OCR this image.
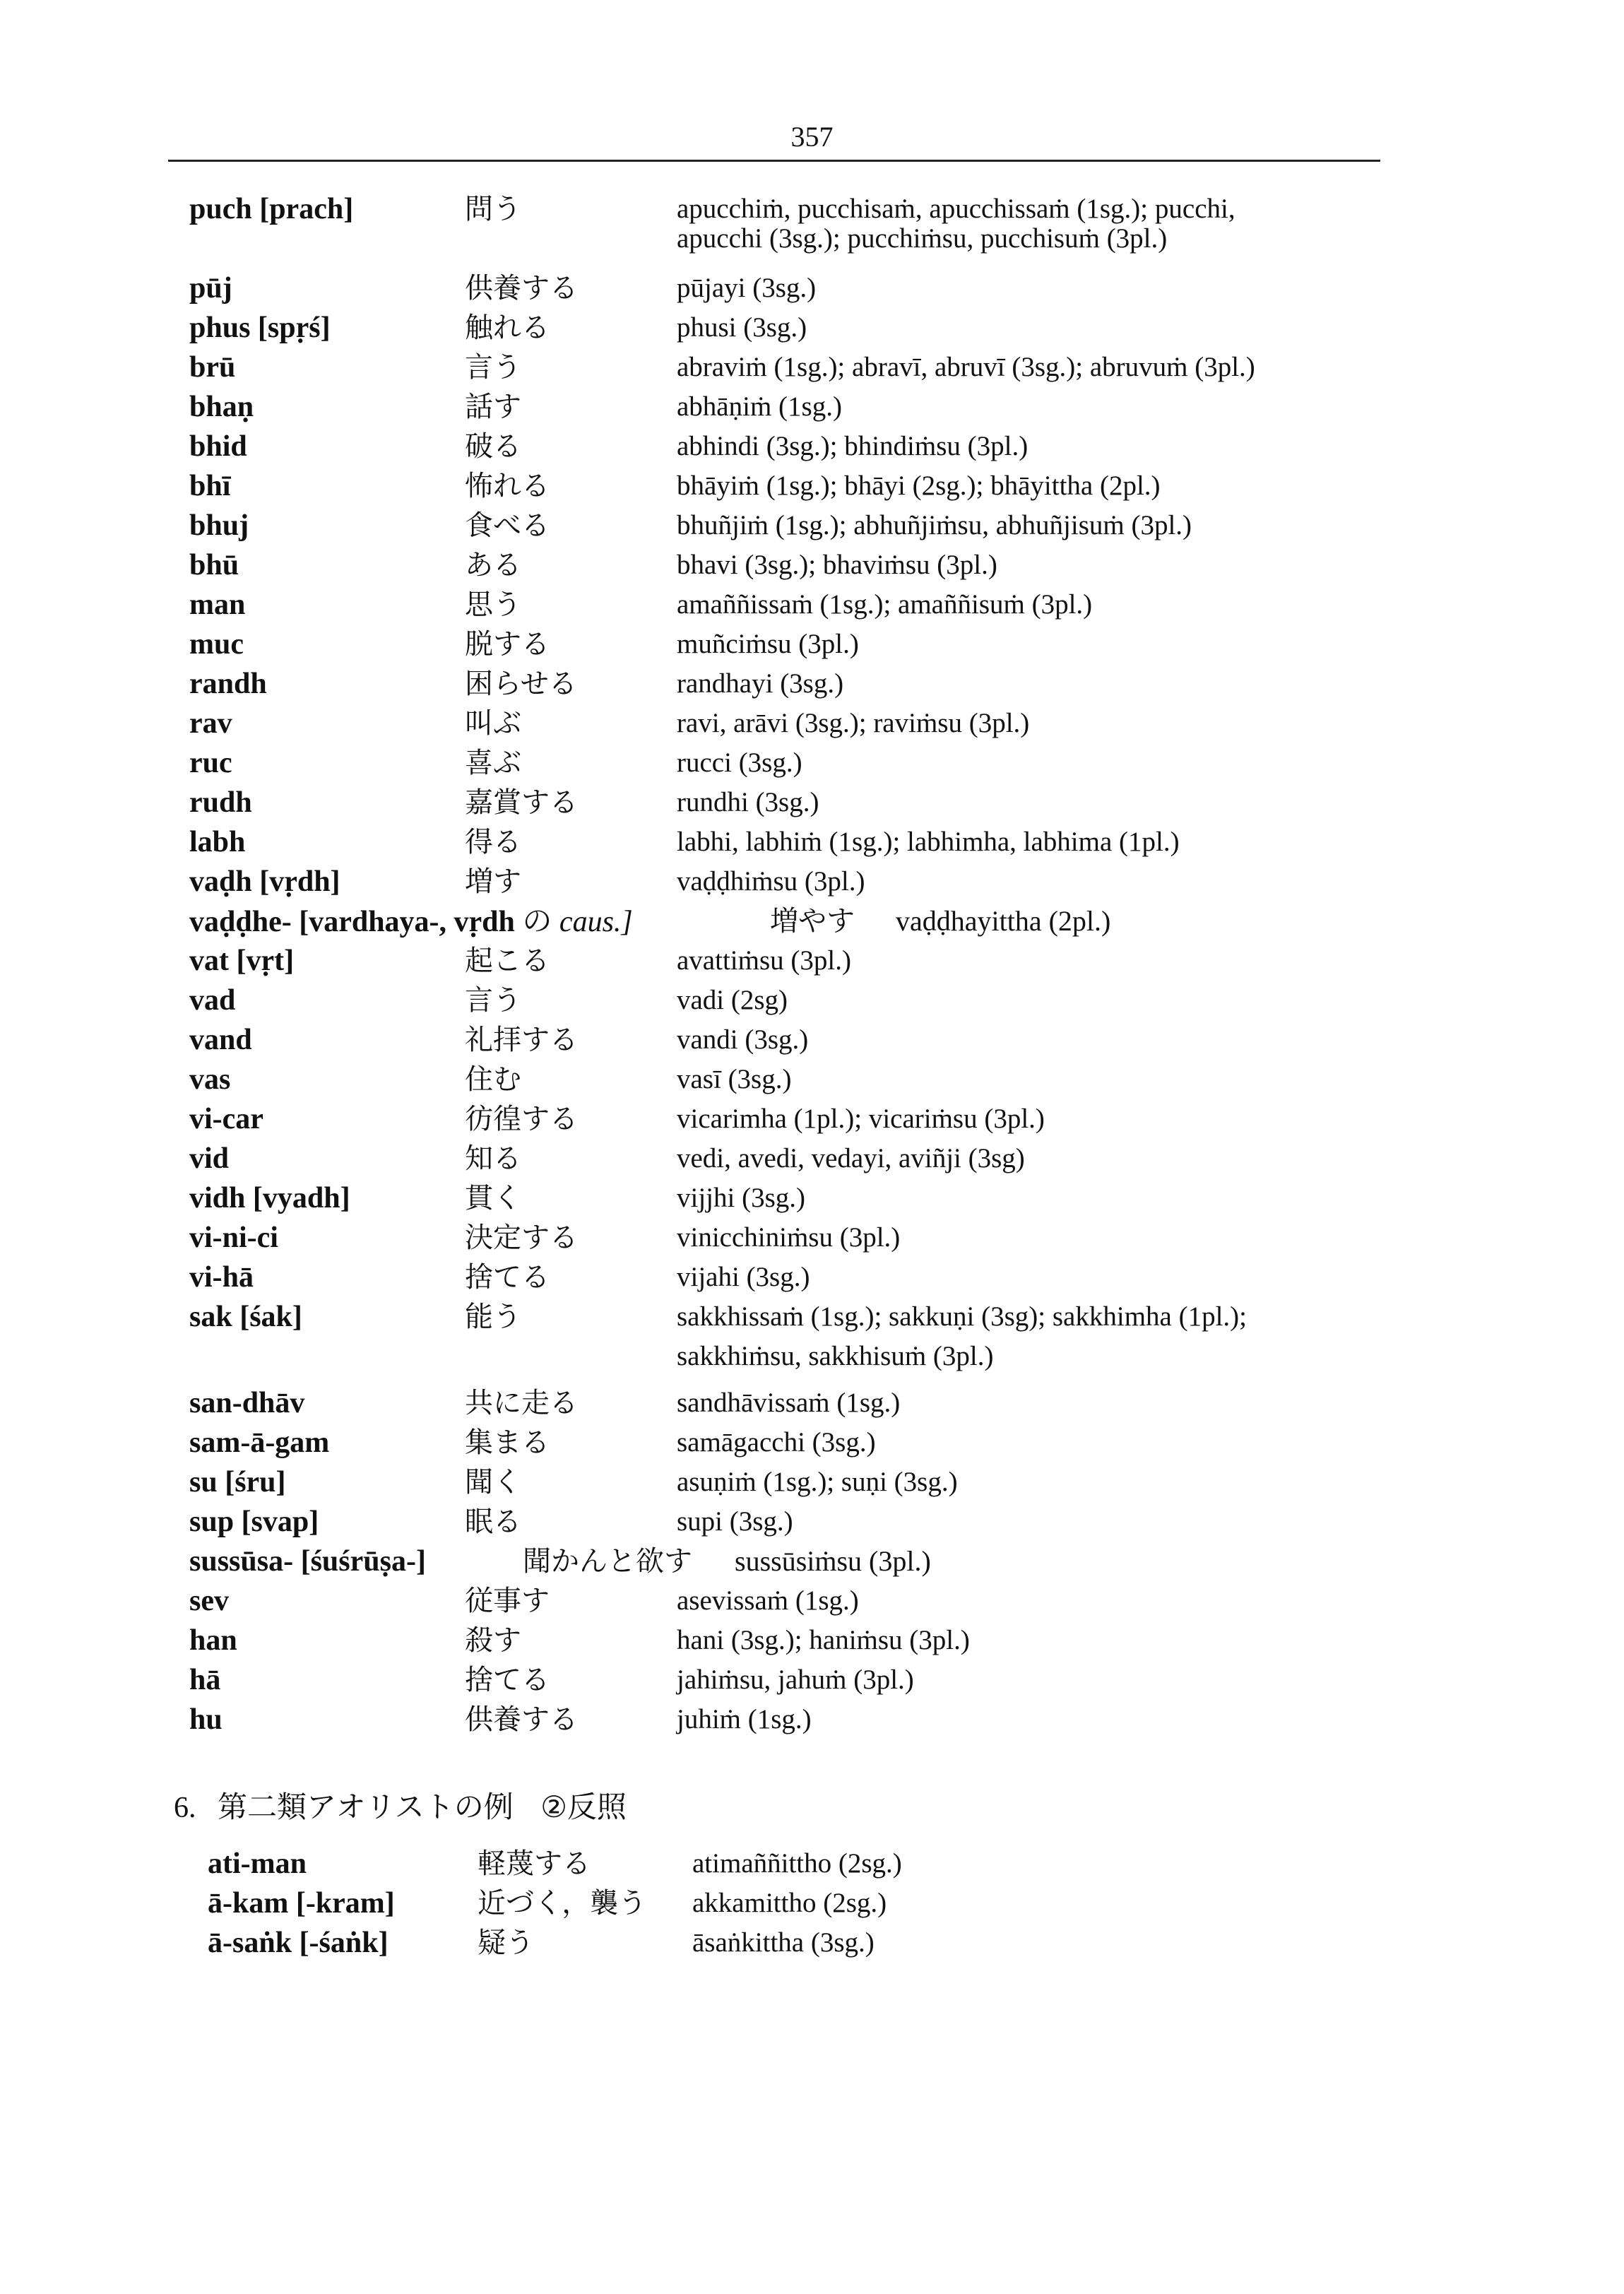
357
puch [prach]	問う	apucchiṁ, pucchisaṁ, apucchissaṁ (1sg.); pucchi,
apucchi (3sg.); pucchiṁsu, pucchisuṁ (3pl.)
pūj	供養する	pūjayi (3sg.)
phus [spṛś]	触れる	phusi (3sg.)
brū	言う	abraviṁ (1sg.); abravī, abruvī (3sg.); abruvuṁ (3pl.)
bhaṇ	話す	abhāṇiṁ (1sg.)
bhid	破る	abhindi (3sg.); bhindiṁsu (3pl.)
bhī	怖れる	bhāyiṁ (1sg.); bhāyi (2sg.); bhāyittha (2pl.)
bhuj	食べる	bhuñjiṁ (1sg.); abhuñjiṁsu, abhuñjisuṁ (3pl.)
bhū	ある	bhavi (3sg.); bhaviṁsu (3pl.)
man	思う	amaññissaṁ (1sg.); amaññisuṁ (3pl.)
muc	脱する	muñciṁsu (3pl.)
randh	困らせる	randhayi (3sg.)
rav	叫ぶ	ravi, arāvi (3sg.); raviṁsu (3pl.)
ruc	喜ぶ	rucci (3sg.)
rudh	嘉賞する	rundhi (3sg.)
labh	得る	labhi, labhiṁ (1sg.); labhimha, labhima (1pl.)
vaḍh [vṛdh]	増す	vaḍḍhiṁsu (3pl.)
vaḍḍhe- [vardhaya-, vṛdh の caus.]	増やす vaḍḍhayittha (2pl.)
vat [vṛt]	起こる	avattiṁsu (3pl.)
vad	言う	vadi (2sg)
vand	礼拝する	vandi (3sg.)
vas	住む	vasī (3sg.)
vi-car	彷徨する	vicarimha (1pl.); vicariṁsu (3pl.)
vid	知る	vedi, avedi, vedayi, aviñji (3sg)
vidh [vyadh]	貫く	vijjhi (3sg.)
vi-ni-ci	決定する	vinicchiniṁsu (3pl.)
vi-hā	捨てる	vijahi (3sg.)
sak [śak]	能う	sakkhissaṁ (1sg.); sakkuṇi (3sg); sakkhimha (1pl.);
sakkhiṁsu, sakkhisuṁ (3pl.)
san-dhāv	共に走る	sandhāvissaṁ (1sg.)
sam-ā-gam	集まる	samāgacchi (3sg.)
su [śru]	聞く	asuṇiṁ (1sg.); suṇi (3sg.)
sup [svap]	眠る	supi (3sg.)
sussūsa- [śuśrūṣa-]	聞かんと欲す sussūsiṁsu (3pl.)
sev	従事す	asevissaṁ (1sg.)
han	殺す	hani (3sg.); haniṁsu (3pl.)
hā	捨てる	jahiṁsu, jahuṁ (3pl.)
hu	供養する	juhiṁ (1sg.)
6. 第二類アオリストの例 ②反照
ati-man	軽蔑する	atimaññittho (2sg.)
ā-kam [-kram]	近づく，襲う akkamittho (2sg.)
ā-saṅk [-śaṅk]	疑う	āsaṅkittha (3sg.)
